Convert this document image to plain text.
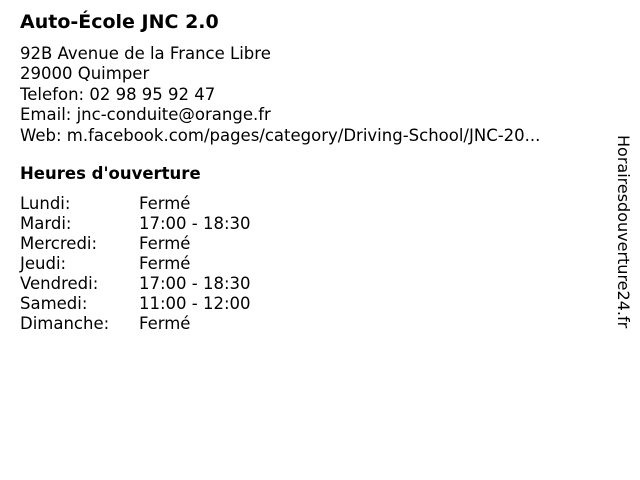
Auto-École JNC 2.0
92B Avenue de la France Libre
29000 Quimper
Telefon: 02 98 95 92 47
Email: jnc-conduite@orange.fr
Web: m.facebook.com/pages/category/Driving-School/JNC-20...
Heures d'ouverture
Lundi:	Fermé
Mardi:	17:00 - 18:30
Mercredi:	Fermé
Jeudi:	Fermé
Vendredi:	17:00 - 18:30
Samedi:	11:00 - 12:00
Dimanche:	Fermé	Horairesdouverture24.fr
